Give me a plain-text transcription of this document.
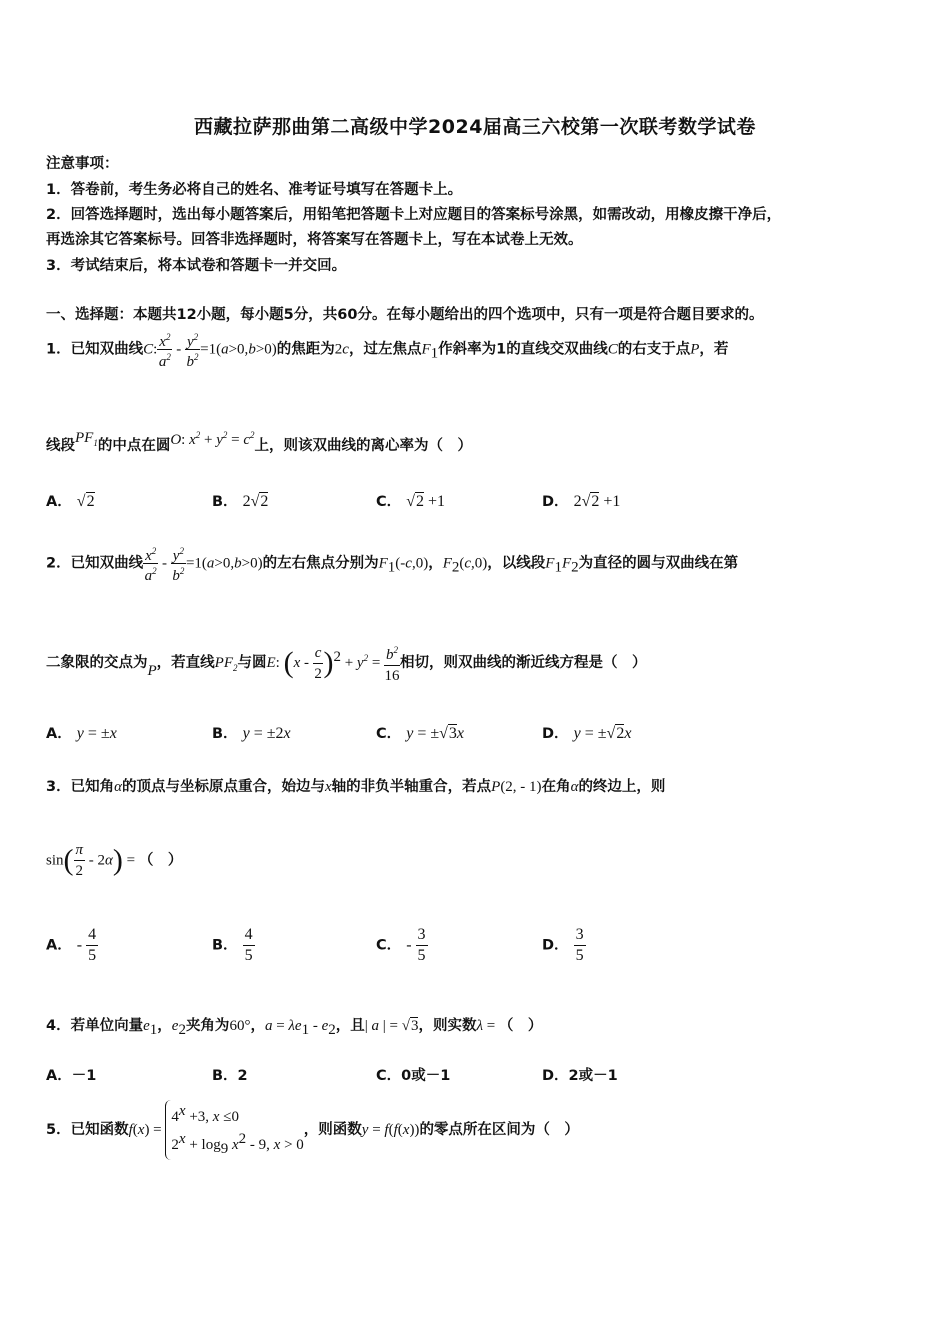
西藏拉萨那曲第二高级中学2024届高三六校第一次联考数学试卷
注意事项：
1．答卷前，考生务必将自己的姓名、准考证号填写在答题卡上。
2．回答选择题时，选出每小题答案后，用铅笔把答题卡上对应题目的答案标号涂黑，如需改动，用橡皮擦干净后，
再选涂其它答案标号。回答非选择题时，将答案写在答题卡上，写在本试卷上无效。
3．考试结束后，将本试卷和答题卡一并交回。
一、选择题：本题共12小题，每小题5分，共60分。在每小题给出的四个选项中，只有一项是符合题目要求的。
1．已知双曲线C: $\frac{x^2}{a^2} - \frac{y^2}{b^2} =1(a>0,b>0)$的焦距为2c，过左焦点$F_1$作斜率为1的直线交双曲线C的右支于点P，若
线段$PF_1$的中点在圆O: $x^2 + y^2 = c^2$上，则该双曲线的离心率为（　）
A． √2	B． 2√2	C． √2 +1	D． 2√2 +1
2．已知双曲线 $\frac{x^2}{a^2} - \frac{y^2}{b^2} =1(a>0,b>0)$的左右焦点分别为$F_1(-c,0)$，$F_2(c,0)$，以线段$F_1F_2$为直径的圆与双曲线在第
二象限的交点为P，若直线$PF_2$与圆E: $(x - \frac{c}{2} )^2 + y^2 = \frac{b^2}{16}$ 相切，则双曲线的渐近线方程是（　）
A． y = ±x	B． y = ±2x	C． y = ±√3x	D． y = ±√2x
3．已知角α的顶点与坐标原点重合，始边与x轴的非负半轴重合，若点P(2, - 1)在角α的终边上，则
$\sin( \frac{\pi}{2} - 2\alpha)$ = （　）
A． - $\frac{4}{5}$	B． $\frac{4}{5}$	C． - $\frac{3}{5}$	D． $\frac{3}{5}$
4．若单位向量$e_1$，$e_2$夹角为60°，$a = \lambda e_1 - e_2$，且| a | = √3，则实数λ = （　）
A．－1	B．2	C．0或－1	D．2或－1
5．已知函数$f(x) = 4^x +3$, x ≤0
$2^x + \log_9 x^2 - 9$, x > 0，则函数y = f(f(x))的零点所在区间为（　）
